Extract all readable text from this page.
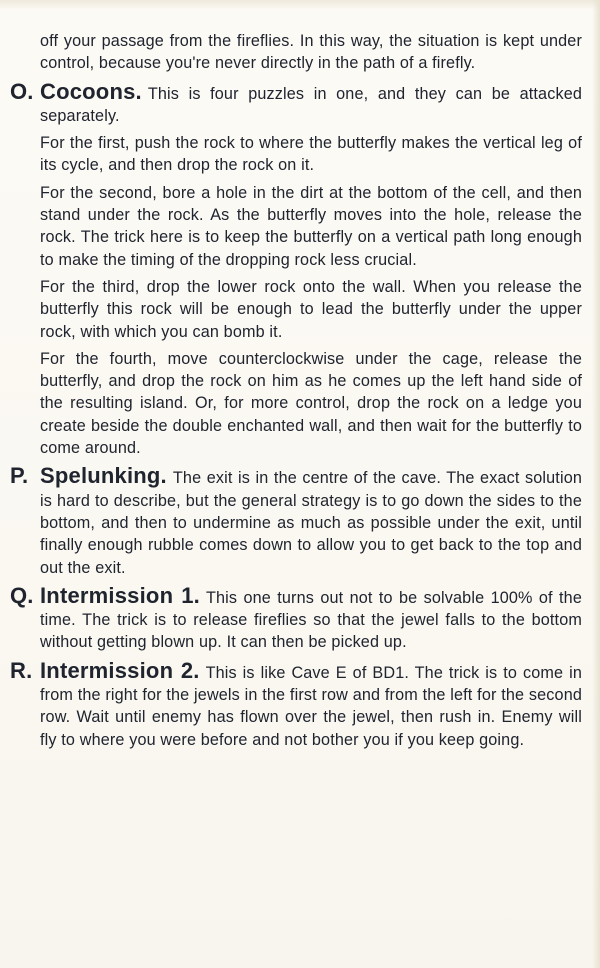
off your passage from the fireflies. In this way, the situation is kept under control, because you're never directly in the path of a firefly.

O. Cocoons. This is four puzzles in one, and they can be attacked separately.

For the first, push the rock to where the butterfly makes the vertical leg of its cycle, and then drop the rock on it.

For the second, bore a hole in the dirt at the bottom of the cell, and then stand under the rock. As the butterfly moves into the hole, release the rock. The trick here is to keep the butterfly on a vertical path long enough to make the timing of the dropping rock less crucial.

For the third, drop the lower rock onto the wall. When you release the butterfly this rock will be enough to lead the butterfly under the upper rock, with which you can bomb it.

For the fourth, move counterclockwise under the cage, release the butterfly, and drop the rock on him as he comes up the left hand side of the resulting island. Or, for more control, drop the rock on a ledge you create beside the double enchanted wall, and then wait for the butterfly to come around.

P. Spelunking. The exit is in the centre of the cave. The exact solution is hard to describe, but the general strategy is to go down the sides to the bottom, and then to undermine as much as possible under the exit, until finally enough rubble comes down to allow you to get back to the top and out the exit.

Q. Intermission 1. This one turns out not to be solvable 100% of the time. The trick is to release fireflies so that the jewel falls to the bottom without getting blown up. It can then be picked up.

R. Intermission 2. This is like Cave E of BD1. The trick is to come in from the right for the jewels in the first row and from the left for the second row. Wait until enemy has flown over the jewel, then rush in. Enemy will fly to where you were before and not bother you if you keep going.
